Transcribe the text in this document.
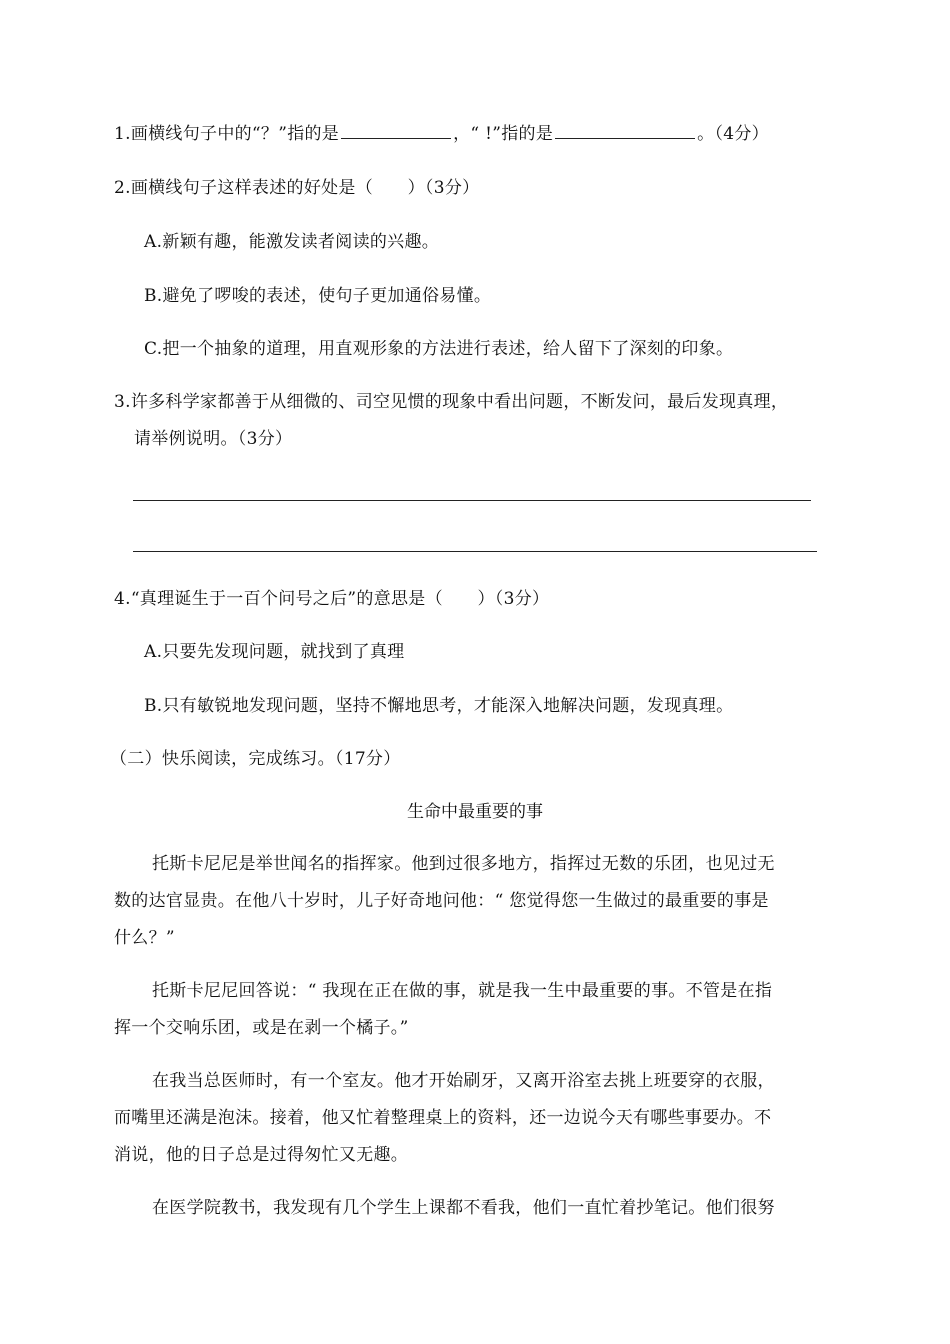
1.画横线句子中的“？”指的是	，“ !”指的是	。（4分）
2.画横线句子这样表述的好处是（　　）（3分）
A.新颖有趣，能激发读者阅读的兴趣。
B.避免了啰唆的表述，使句子更加通俗易懂。
C.把一个抽象的道理，用直观形象的方法进行表述，给人留下了深刻的印象。
3.许多科学家都善于从细微的、司空见惯的现象中看出问题，不断发问，最后发现真理，
请举例说明。（3分）
4.“真理诞生于一百个问号之后”的意思是（　　）（3分）
A.只要先发现问题，就找到了真理
B.只有敏锐地发现问题，坚持不懈地思考，才能深入地解决问题，发现真理。
（二）快乐阅读，完成练习。（17分）
生命中最重要的事
托斯卡尼尼是举世闻名的指挥家。他到过很多地方，指挥过无数的乐团，也见过无
数的达官显贵。在他八十岁时，儿子好奇地问他：“ 您觉得您一生做过的最重要的事是
什么？”
托斯卡尼尼回答说：“ 我现在正在做的事，就是我一生中最重要的事。不管是在指
挥一个交响乐团，或是在剥一个橘子。”
在我当总医师时，有一个室友。他才开始刷牙，又离开浴室去挑上班要穿的衣服，
而嘴里还满是泡沫。接着，他又忙着整理桌上的资料，还一边说今天有哪些事要办。不
消说，他的日子总是过得匆忙又无趣。
在医学院教书，我发现有几个学生上课都不看我，他们一直忙着抄笔记。他们很努
